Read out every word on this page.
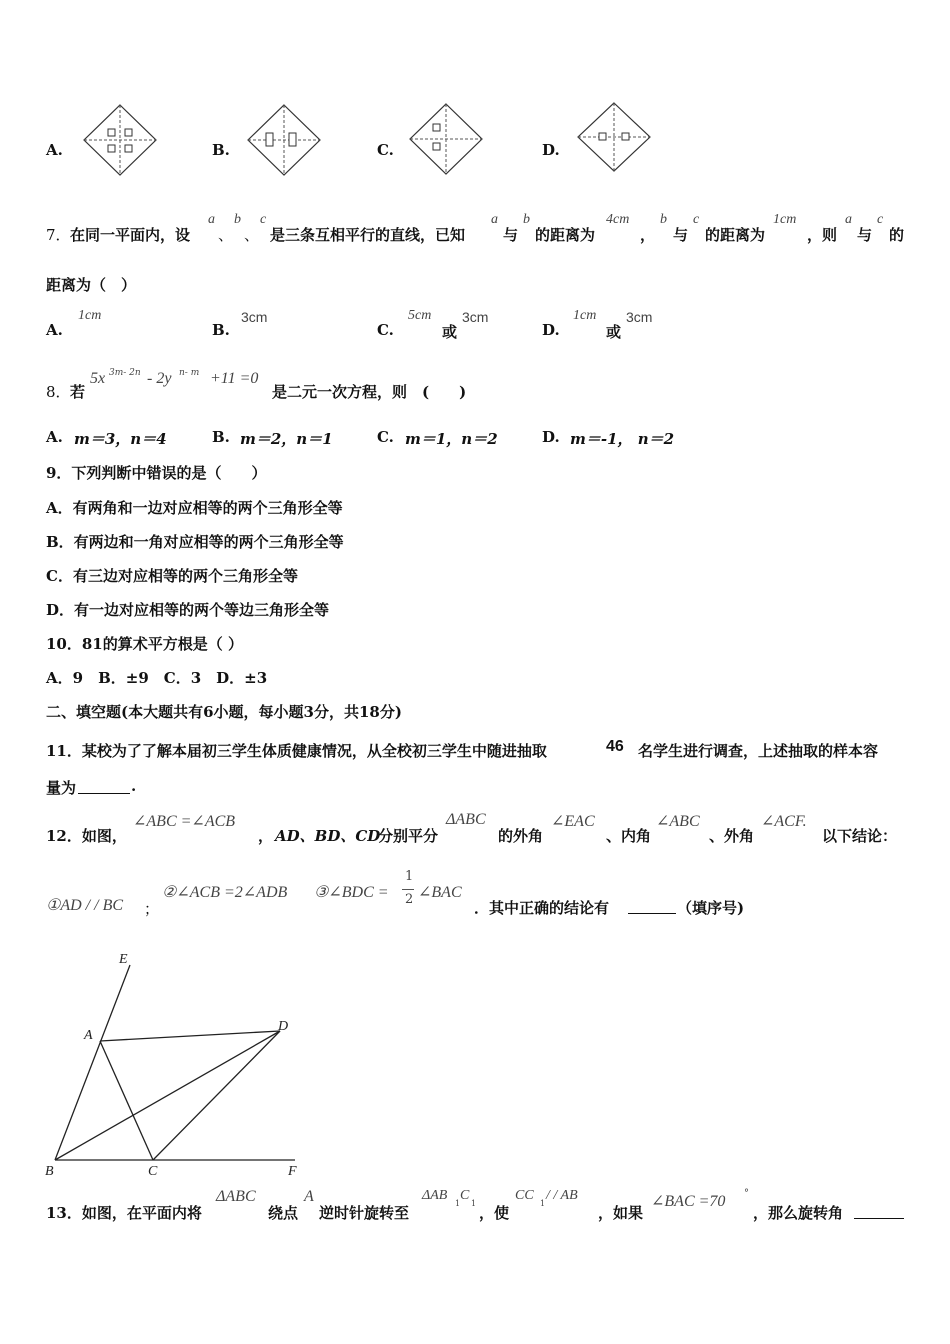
A.	B.	C.	D.
7． 在同一平面内，设
a
、
b
、
c
是三条互相平行的直线，已知
a
与
b
的距离为
4cm
，
b
与
c
的距离为
1cm
，则
a
与
c
的
距离为（　）
A.
1cm
B.
3cm
C.
5cm
或
3cm
D.
1cm
或
3cm
8． 若
5x 3m- 2n - 2y n- m +11 =0
是二元一次方程，则　(　　)
A. m＝3，n＝4	B. m＝2，n＝1	C. m＝1，n＝2	D. m＝-1， n＝2
9．下列判断中错误的是（　　）
A．有两角和一边对应相等的两个三角形全等
B．有两边和一角对应相等的两个三角形全等
C．有三边对应相等的两个三角形全等
D．有一边对应相等的两个等边三角形全等
10．81的算术平方根是（ ）
A．9　B．±9　C．3　D．±3
二、填空题(本大题共有6小题，每小题3分，共18分)
11．某校为了了解本届初三学生体质健康情况，从全校初三学生中随进抽取	46 名学生进行调查，上述抽取的样本容
量为	.
12．如图，
∠ABC =∠ACB
， AD、BD、CD
分别平分
ΔABC
的外角
∠EAC
、内角
∠ABC
、外角
∠ACF.
以下结论：
①AD / / BC ；
②∠ACB =2∠ADB ③∠BDC =
1
2 ∠BAC
．其中正确的结论有	（填序号)
E
A
D
B	C	F
13．如图，在平面内将
ΔABC
绕点
A
逆时针旋转至
ΔAB
1
C
1
，使
CC
1
/ / AB
，如果
∠BAC =70 °
，那么旋转角
